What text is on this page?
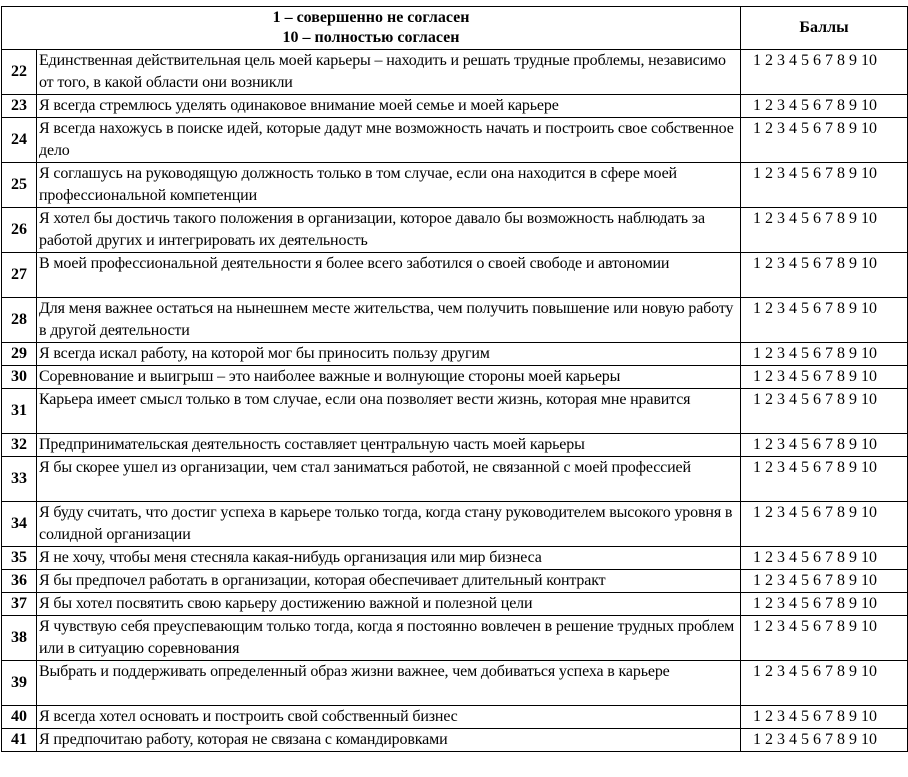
1 – совершенно не согласен
10 – полностью согласен		Баллы
22	Единственная действительная цель моей карьеры – находить и решать трудные проблемы, независимо от того, в какой области они возникли	1 2 3 4 5 6 7 8 9 10
23	Я всегда стремлюсь уделять одинаковое внимание моей семье и моей карьере	1 2 3 4 5 6 7 8 9 10
24	Я всегда нахожусь в поиске идей, которые дадут мне возможность начать и построить свое собственное дело	1 2 3 4 5 6 7 8 9 10
25	Я соглашусь на руководящую должность только в том случае, если она находится в сфере моей профессиональной компетенции	1 2 3 4 5 6 7 8 9 10
26	Я хотел бы достичь такого положения в организации, которое давало бы возможность наблюдать за работой других и интегрировать их деятельность	1 2 3 4 5 6 7 8 9 10
27	В моей профессиональной деятельности я более всего заботился о своей свободе и автономии	1 2 3 4 5 6 7 8 9 10
28	Для меня важнее остаться на нынешнем месте жительства, чем получить повышение или новую работу в другой деятельности	1 2 3 4 5 6 7 8 9 10
29	Я всегда искал работу, на которой мог бы приносить пользу другим	1 2 3 4 5 6 7 8 9 10
30	Соревнование и выигрыш – это наиболее важные и волнующие стороны моей карьеры	1 2 3 4 5 6 7 8 9 10
31	Карьера имеет смысл только в том случае, если она позволяет вести жизнь, которая мне нравится	1 2 3 4 5 6 7 8 9 10
32	Предпринимательская деятельность составляет центральную часть моей карьеры	1 2 3 4 5 6 7 8 9 10
33	Я бы скорее ушел из организации, чем стал заниматься работой, не связанной с моей профессией	1 2 3 4 5 6 7 8 9 10
34	Я буду считать, что достиг успеха в карьере только тогда, когда стану руководителем высокого уровня в солидной организации	1 2 3 4 5 6 7 8 9 10
35	Я не хочу, чтобы меня стесняла какая-нибудь организация или мир бизнеса	1 2 3 4 5 6 7 8 9 10
36	Я бы предпочел работать в организации, которая обеспечивает длительный контракт	1 2 3 4 5 6 7 8 9 10
37	Я бы хотел посвятить свою карьеру достижению важной и полезной цели	1 2 3 4 5 6 7 8 9 10
38	Я чувствую себя преуспевающим только тогда, когда я постоянно вовлечен в решение трудных проблем или в ситуацию соревнования	1 2 3 4 5 6 7 8 9 10
39	Выбрать и поддерживать определенный образ жизни важнее, чем добиваться успеха в карьере	1 2 3 4 5 6 7 8 9 10
40	Я всегда хотел основать и построить свой собственный бизнес	1 2 3 4 5 6 7 8 9 10
41	Я предпочитаю работу, которая не связана с командировками	1 2 3 4 5 6 7 8 9 10
